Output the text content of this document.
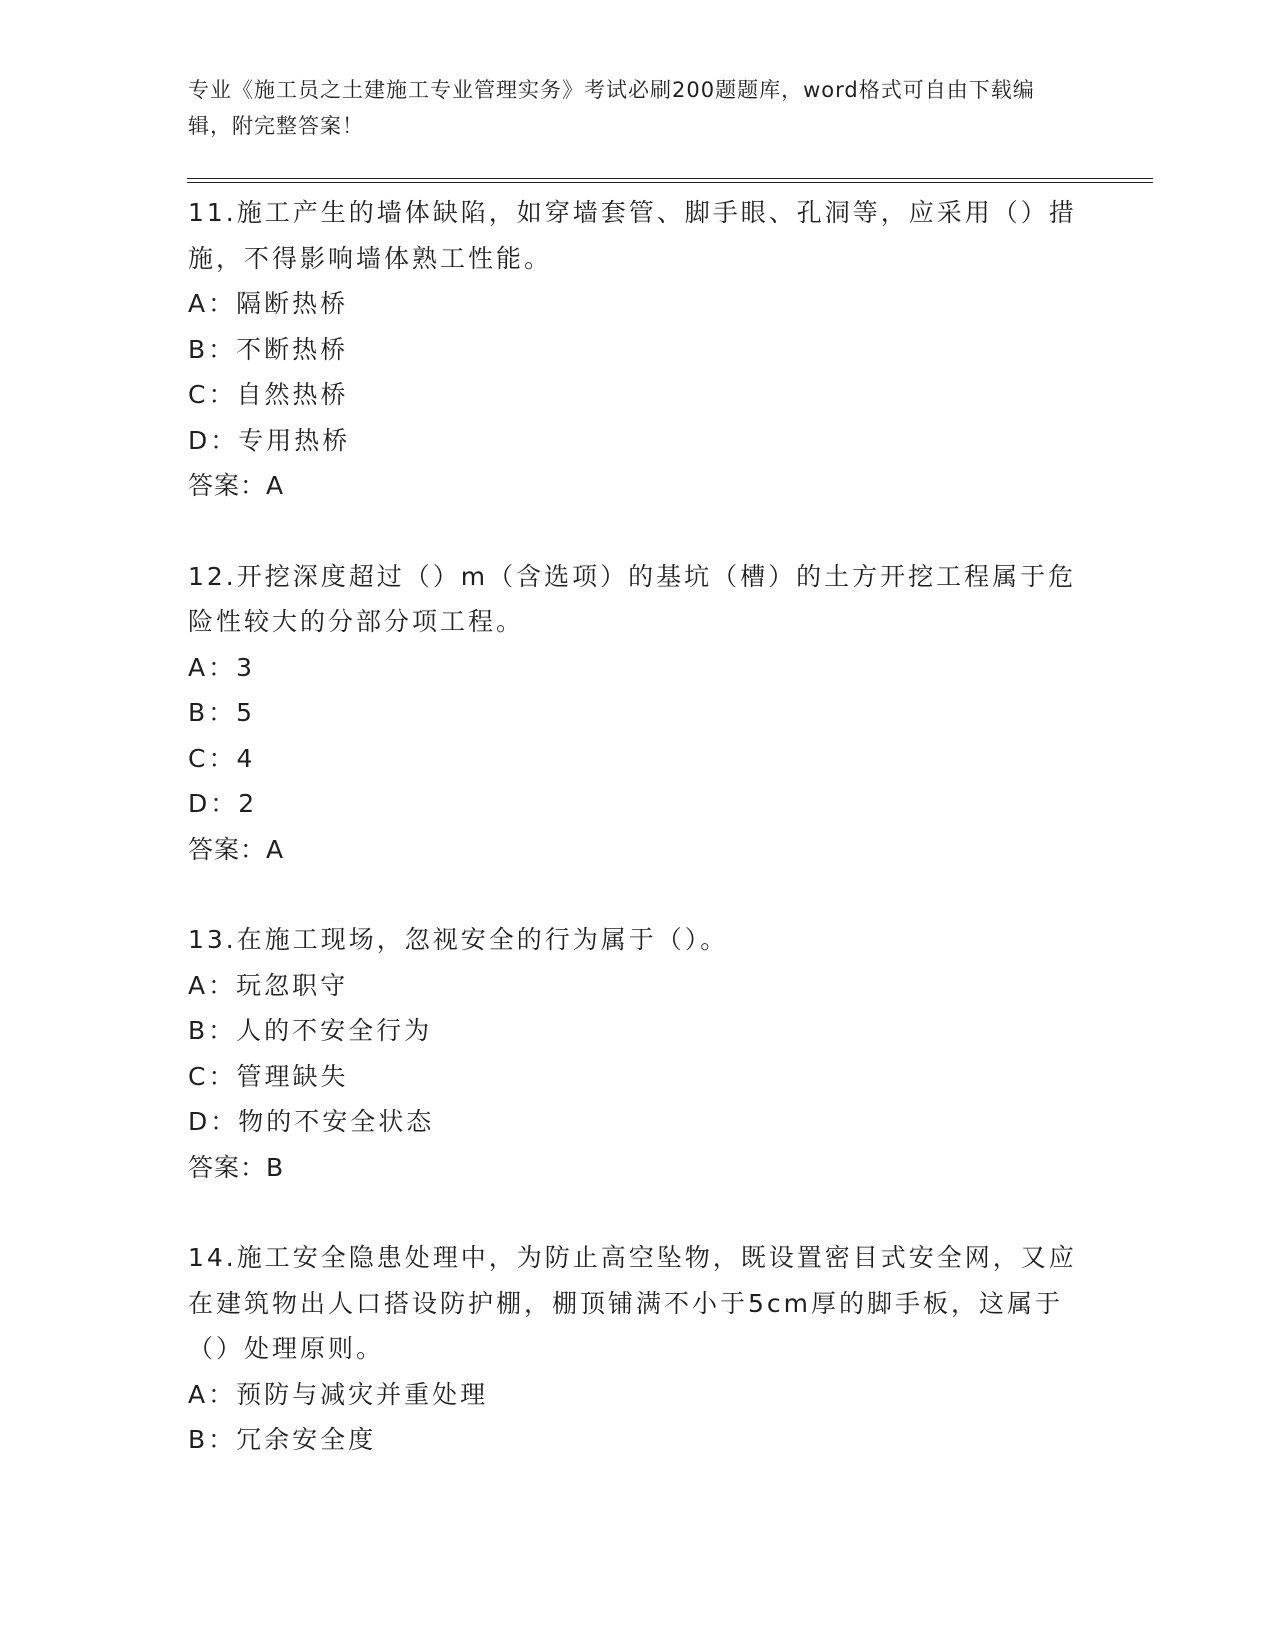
专业《施工员之土建施工专业管理实务》考试必刷200题题库，word格式可自由下载编辑，附完整答案！

11.施工产生的墙体缺陷，如穿墙套管、脚手眼、孔洞等，应采用（）措施，不得影响墙体熟工性能。

A：隔断热桥

B：不断热桥

C：自然热桥

D：专用热桥

答案：A

12.开挖深度超过（）m（含选项）的基坑（槽）的土方开挖工程属于危险性较大的分部分项工程。

A：3

B：5

C：4

D：2

答案：A

13.在施工现场，忽视安全的行为属于（）。

A：玩忽职守

B：人的不安全行为

C：管理缺失

D：物的不安全状态

答案：B

14.施工安全隐患处理中，为防止高空坠物，既设置密目式安全网，又应在建筑物出人口搭设防护棚，棚顶铺满不小于5cm厚的脚手板，这属于（）处理原则。

A：预防与减灾并重处理

B：冗余安全度
